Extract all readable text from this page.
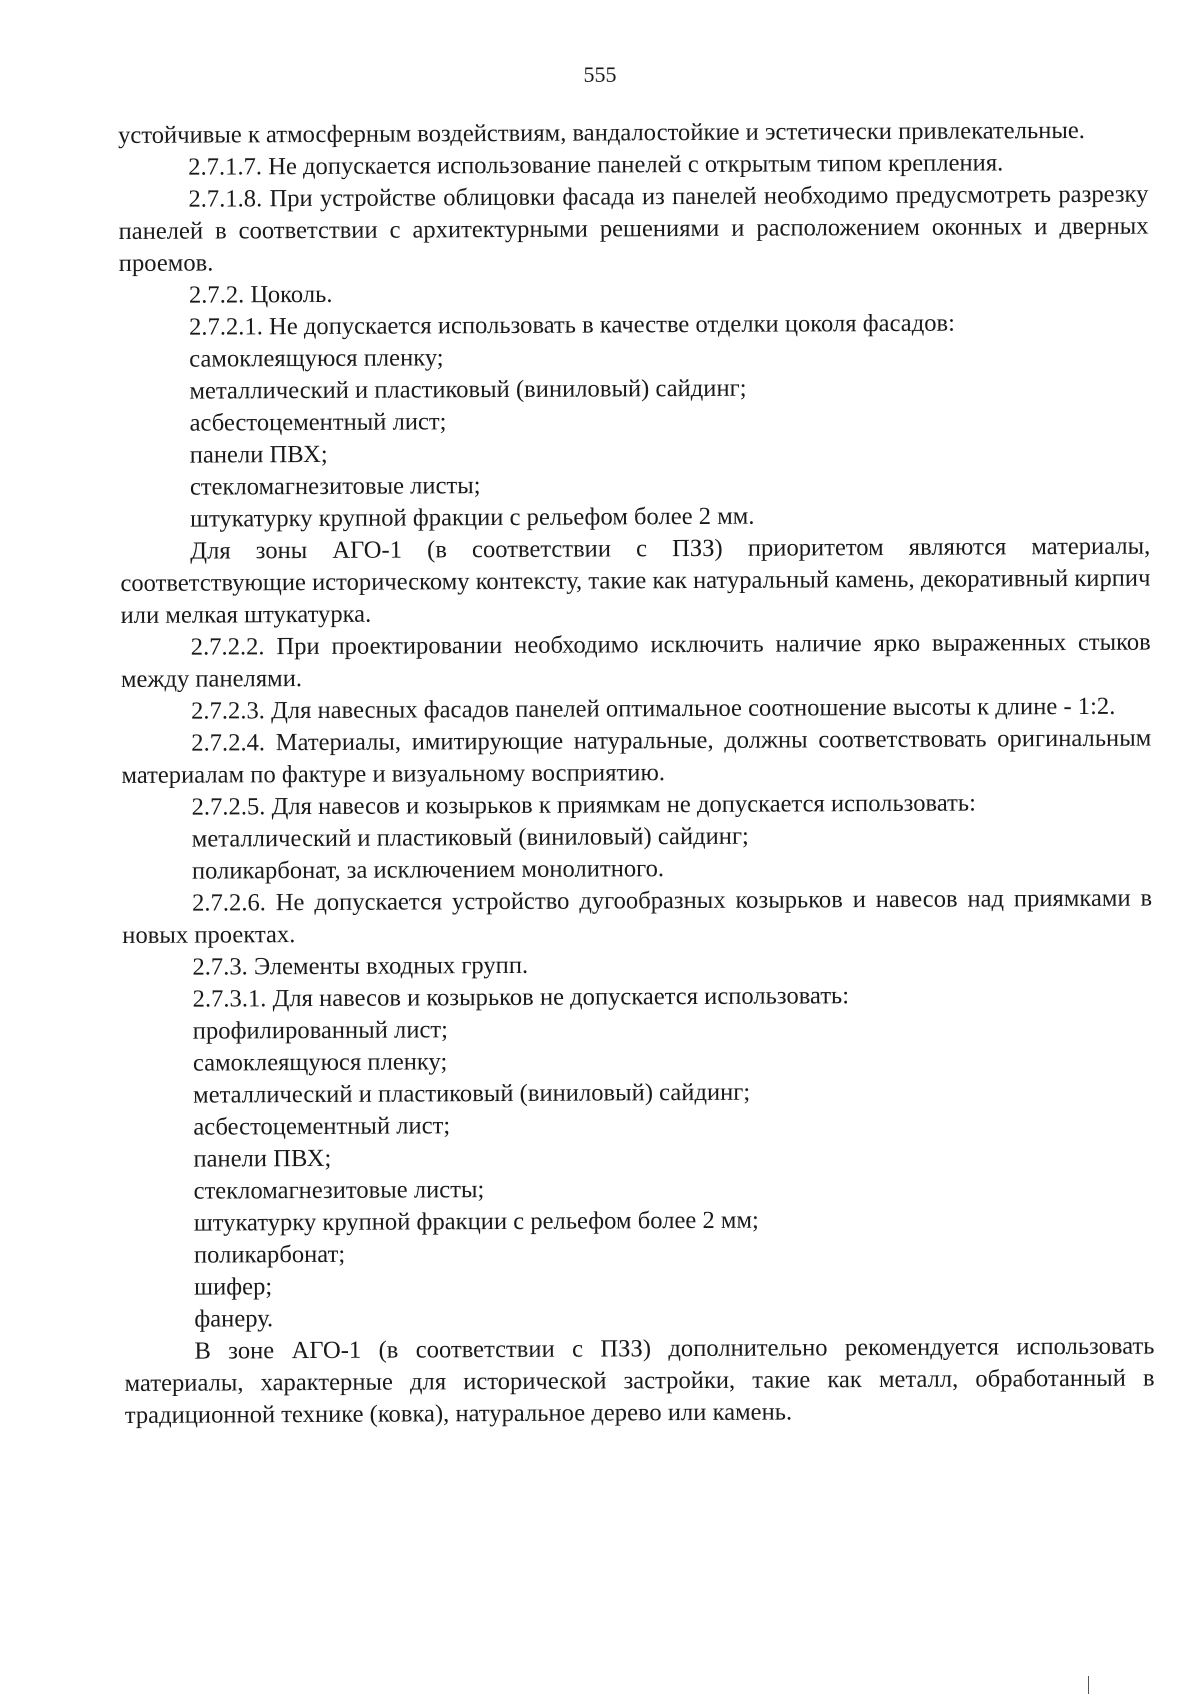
555

устойчивые к атмосферным воздействиям, вандалостойкие и эстетически привлекательные.

2.7.1.7. Не допускается использование панелей с открытым типом крепления.

2.7.1.8. При устройстве облицовки фасада из панелей необходимо предусмотреть разрезку панелей в соответствии с архитектурными решениями и расположением оконных и дверных проемов.

2.7.2. Цоколь.

2.7.2.1. Не допускается использовать в качестве отделки цоколя фасадов:

самоклеящуюся пленку;

металлический и пластиковый (виниловый) сайдинг;

асбестоцементный лист;

панели ПВХ;

стекломагнезитовые листы;

штукатурку крупной фракции с рельефом более 2 мм.

Для зоны АГО-1 (в соответствии с ПЗЗ) приоритетом являются материалы, соответствующие историческому контексту, такие как натуральный камень, декоративный кирпич или мелкая штукатурка.

2.7.2.2. При проектировании необходимо исключить наличие ярко выраженных стыков между панелями.

2.7.2.3. Для навесных фасадов панелей оптимальное соотношение высоты к длине - 1:2.

2.7.2.4. Материалы, имитирующие натуральные, должны соответствовать оригинальным материалам по фактуре и визуальному восприятию.

2.7.2.5. Для навесов и козырьков к приямкам не допускается использовать:

металлический и пластиковый (виниловый) сайдинг;

поликарбонат, за исключением монолитного.

2.7.2.6. Не допускается устройство дугообразных козырьков и навесов над приямками в новых проектах.

2.7.3. Элементы входных групп.

2.7.3.1. Для навесов и козырьков не допускается использовать:

профилированный лист;

самоклеящуюся пленку;

металлический и пластиковый (виниловый) сайдинг;

асбестоцементный лист;

панели ПВХ;

стекломагнезитовые листы;

штукатурку крупной фракции с рельефом более 2 мм;

поликарбонат;

шифер;

фанеру.

В зоне АГО-1 (в соответствии с ПЗЗ) дополнительно рекомендуется использовать материалы, характерные для исторической застройки, такие как металл, обработанный в традиционной технике (ковка), натуральное дерево или камень.
